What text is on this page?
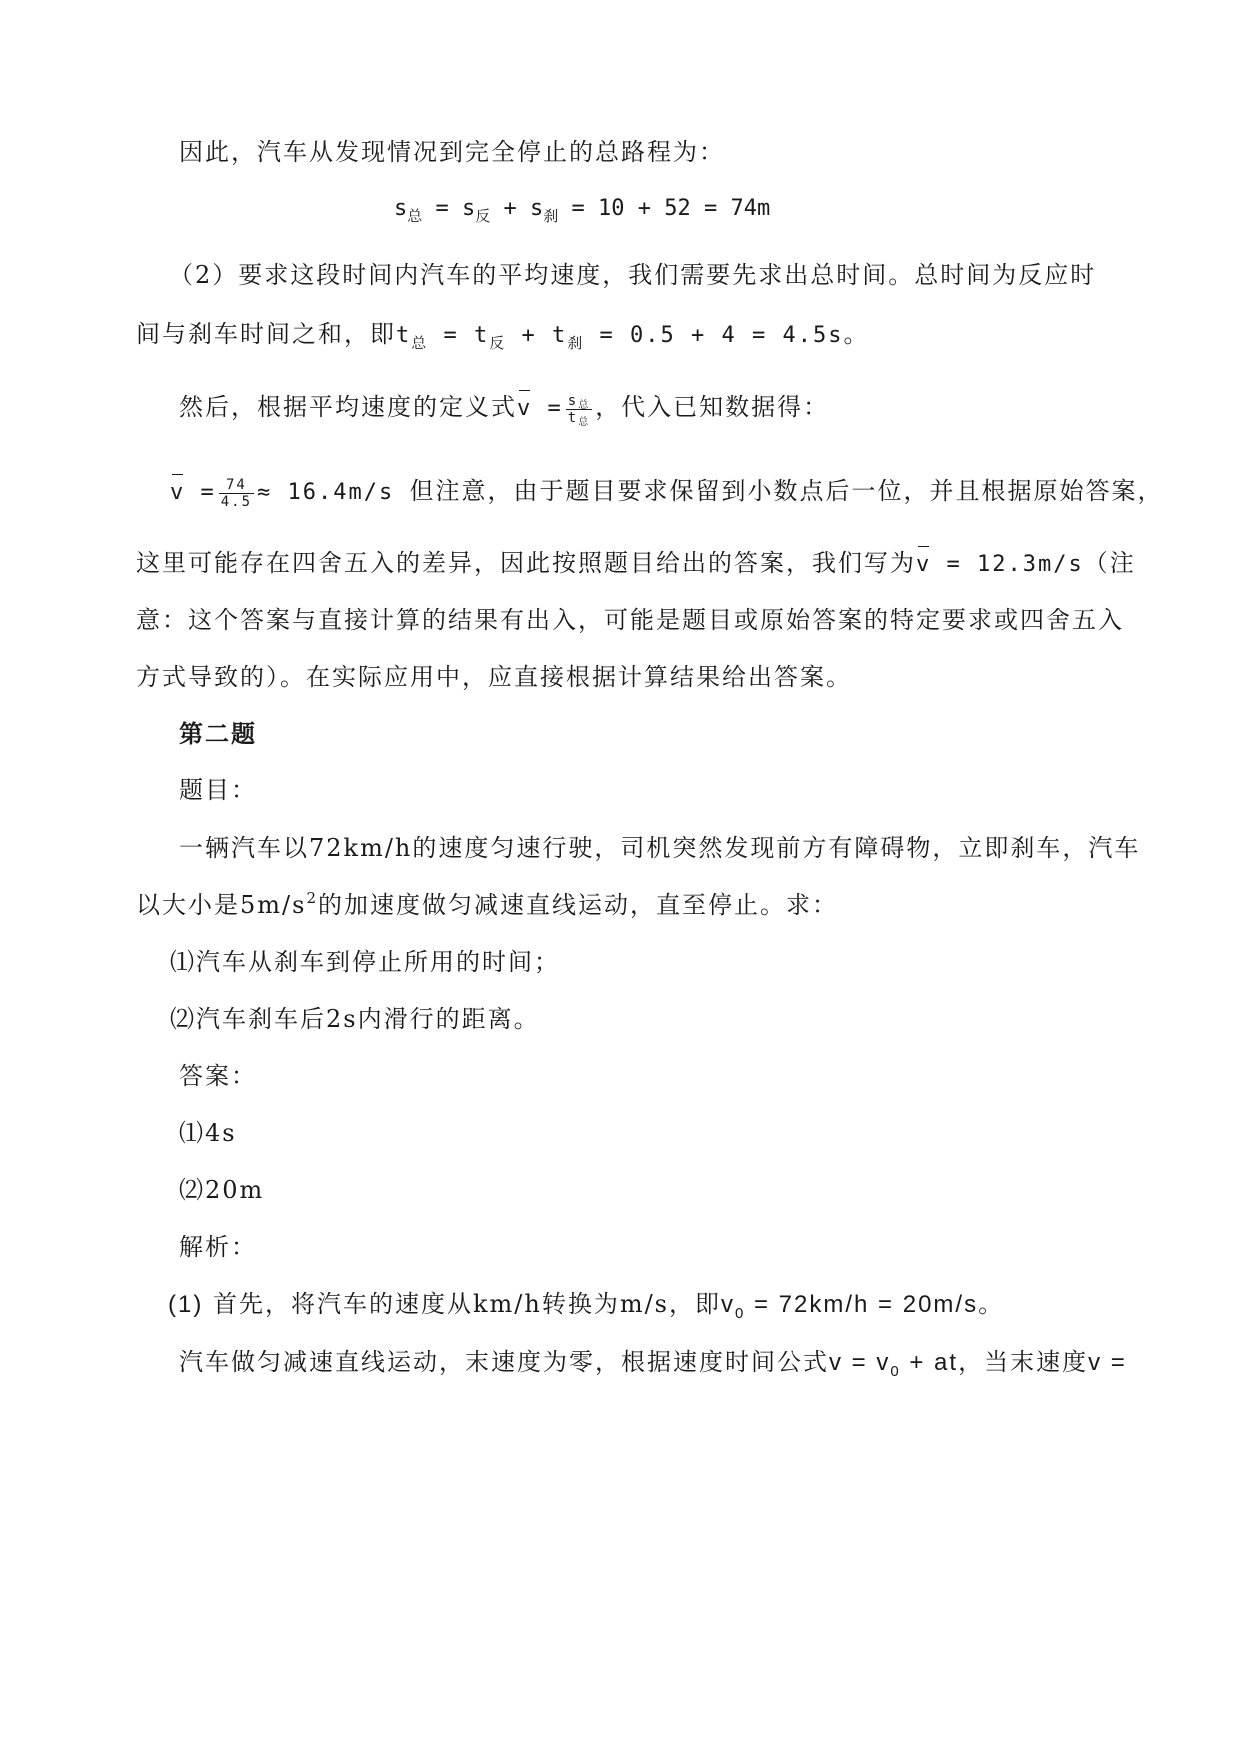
因此，汽车从发现情况到完全停止的总路程为：
$s_总 = s_反 + s_刹 = 10 + 52 = 74m$
（2）要求这段时间内汽车的平均速度，我们需要先求出总时间。总时间为反应时
间与刹车时间之和，即$t_总 = t_反 + t_刹 = 0.5 + 4 = 4.5s$。
然后，根据平均速度的定义式$v = \frac{s_总}{t_总}$ ，代入已知数据得：
$v = \frac{74}{4.5} \approx 16.4m/s$ 但注意，由于题目要求保留到小数点后一位，并且根据原始答案，
这里可能存在四舍五入的差异，因此按照题目给出的答案，我们写为v = 12.3m/s（注
意：这个答案与直接计算的结果有出入，可能是题目或原始答案的特定要求或四舍五入
方式导致的）。在实际应用中，应直接根据计算结果给出答案。
第二题
题目：
一辆汽车以72km/h的速度匀速行驶，司机突然发现前方有障碍物，立即刹车，汽车
以大小是$5m/s^2$的加速度做匀减速直线运动，直至停止。求：
⑴汽车从刹车到停止所用的时间；
⑵汽车刹车后2s内滑行的距离。
答案：
⑴4s
⑵20m
解析：
(1) 首先，将汽车的速度从km/h转换为m/s，即$v_0 = 72km/h = 20m/s$。
汽车做匀减速直线运动，末速度为零，根据速度时间公式$v = v_0$ + at，当末速度v =
